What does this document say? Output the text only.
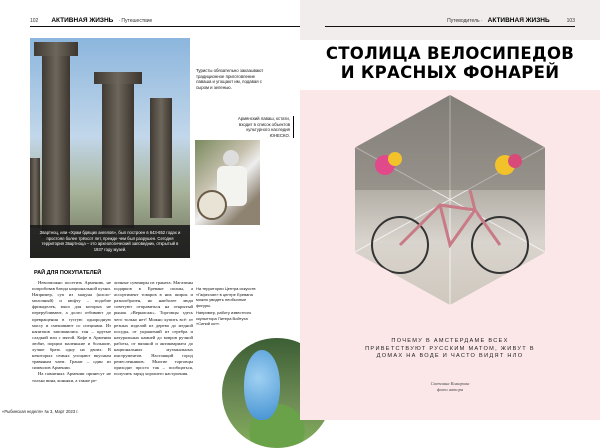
102 АКТИВНАЯ ЖИЗНЬ · Путешествие
Звартноц, или «Храм бдящих ангелов», был построен в 643-652 годах и простоял более трёхсот лет, прежде чем был разрушен. Сегодня территория Звартноца – это археологический заповедник, открытый в 1937 году музей.
Туристы обязательно заказывают традиционное приготовление лаваша и угощают им, подавая с сыром и зеленью.
Армянский лаваш, кстати, входит в список объектов культурного наследия ЮНЕСКО.
РАЙ ДЛЯ ПОКУПАТЕЛЕЙ

Невозможно посетить Армению, не попробовав блюда национальной кухни. Например, суп из мацуна (кисло-молочный) и кюфту – подобие фрикаделек, мясо для которых не перерубливают, а долго отбивают до превращения в густую однородную массу и смешивают со специями. Из напитков запомнились тан – крутые сладкий или с мятой. Кофе в Армении любят, порции маленькие и большие, лучше брать одну на двоих. В некоторых семьях угощают вкусным травяным чаем. Гранат – один из символов Армении.

На памятных Армении принесут не только вина, коньяки, а также ре-

личные сувениры из граната. Магазины подарков в Ереване полны, а ассортимент товаров в них широк и разнообразен, но наиболее люди советуют отправиться на открытый рынок «Вернисаж». Торговцы здесь чего только нет! Можно купить всё: от резных изделий из дерева до медной посуды, от украшений из серебра и натуральных камней до ковров ручной работы, от вязаной и антиквариата до национальных музыкальных инструментов. Настоящий город ремесленников. Многие торговцы приходят просто так – пообщаться, получить заряд хорошего настроения.
На территории Центра искусств «Гафесчян» в центре Еревана можно увидеть необычные фигуры.
Например, работу известного скульптора Питера Войтуха «Синий кот».
«Рыбинская неделя» № 3, Март 2023 г.
Путеводитель · АКТИВНАЯ ЖИЗНЬ	103
СТОЛИЦА ВЕЛОСИПЕДОВ
И КРАСНЫХ ФОНАРЕЙ
ПОЧЕМУ В АМСТЕРДАМЕ ВСЕХ ПРИВЕТСТВУЮТ РУССКИМ МАТОМ, ЖИВУТ В ДОМАХ НА ВОДЕ И ЧАСТО ВИДЯТ НЛО
Светлана Комарова
фото автора
